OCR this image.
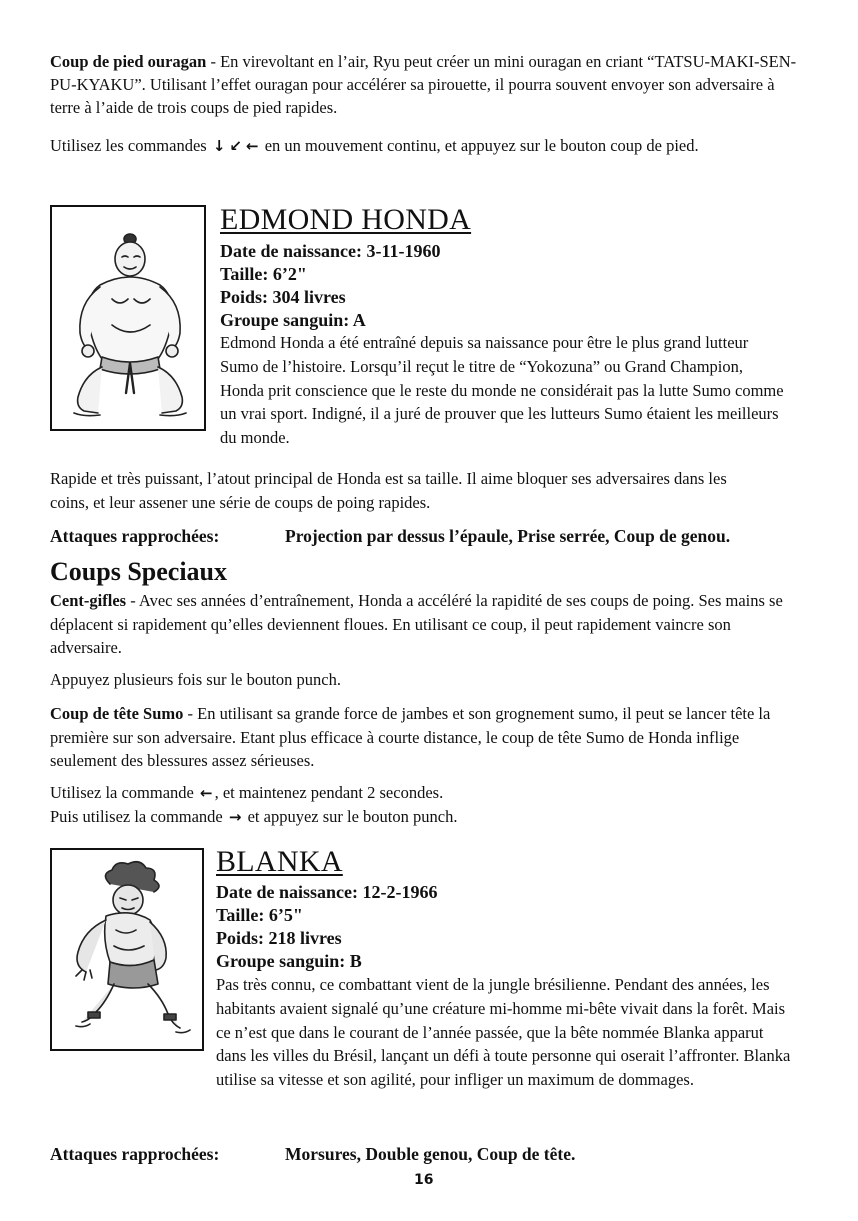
Coup de pied ouragan - En virevoltant en l’air, Ryu peut créer un mini ouragan en criant “TATSU-MAKI-SEN-PU-KYAKU”. Utilisant l’effet ouragan pour accélérer sa pirouette, il pourra souvent envoyer son adversaire à terre à l’aide de trois coups de pied rapides.

Utilisez les commandes ↓ ↙ ← en un mouvement continu, et appuyez sur le bouton coup de pied.

EDMOND HONDA
Date de naissance: 3-11-1960
Taille: 6’2"
Poids: 304 livres
Groupe sanguin: A

Edmond Honda a été entraîné depuis sa naissance pour être le plus grand lutteur Sumo de l’histoire. Lorsqu’il reçut le titre de “Yokozuna” ou Grand Champion, Honda prit conscience que le reste du monde ne considérait pas la lutte Sumo comme un vrai sport. Indigné, il a juré de prouver que les lutteurs Sumo étaient les meilleurs du monde.

Rapide et très puissant, l’atout principal de Honda est sa taille. Il aime bloquer ses adversaires dans les coins, et leur assener une série de coups de poing rapides.

Attaques rapprochées:	Projection par dessus l’épaule, Prise serrée, Coup de genou.
Coups Speciaux

Cent-gifles - Avec ses années d’entraînement, Honda a accéléré la rapidité de ses coups de poing. Ses mains se déplacent si rapidement qu’elles deviennent floues. En utilisant ce coup, il peut rapidement vaincre son adversaire.

Appuyez plusieurs fois sur le bouton punch.

Coup de tête Sumo - En utilisant sa grande force de jambes et son grognement sumo, il peut se lancer tête la première sur son adversaire. Etant plus efficace à courte distance, le coup de tête Sumo de Honda inflige seulement des blessures assez sérieuses.

Utilisez la commande ← , et maintenez pendant 2 secondes.

Puis utilisez la commande → et appuyez sur le bouton punch.

BLANKA
Date de naissance: 12-2-1966
Taille: 6’5"
Poids: 218 livres
Groupe sanguin: B

Pas très connu, ce combattant vient de la jungle brésilienne. Pendant des années, les habitants avaient signalé qu’une créature mi-homme mi-bête vivait dans la forêt. Mais ce n’est que dans le courant de l’année passée, que la bête nommée Blanka apparut dans les villes du Brésil, lançant un défi à toute personne qui oserait l’affronter. Blanka utilise sa vitesse et son agilité, pour infliger un maximum de dommages.

Attaques rapprochées:	Morsures, Double genou, Coup de tête.
16
